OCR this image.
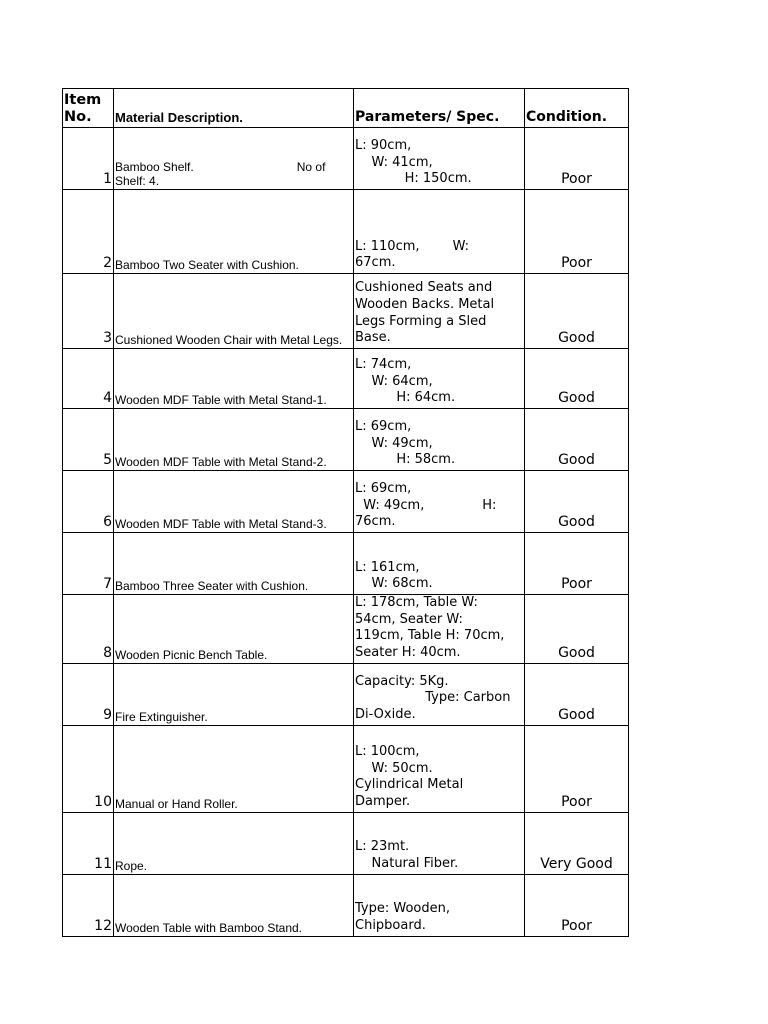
Item No.	Material Description.	Parameters/ Spec.	Condition.
1	Bamboo Shelf. No of Shelf: 4.	L: 90cm,
W: 41cm,
H: 150cm.	Poor
2	Bamboo Two Seater with Cushion.	L: 110cm,        W:
67cm.	Poor
3	Cushioned Wooden Chair with Metal Legs.	Cushioned Seats and
Wooden Backs. Metal
Legs Forming a Sled
Base.	Good
4	Wooden MDF Table with Metal Stand-1.	L: 74cm,
W: 64cm,
H: 64cm.	Good
5	Wooden MDF Table with Metal Stand-2.	L: 69cm,
W: 49cm,
H: 58cm.	Good
6	Wooden MDF Table with Metal Stand-3.	L: 69cm,
W: 49cm,              H:
76cm.	Good
7	Bamboo Three Seater with Cushion.	L: 161cm,
W: 68cm.	Poor
8	Wooden Picnic Bench Table.	L: 178cm, Table W:
54cm, Seater W:
119cm, Table H: 70cm,
Seater H: 40cm.	Good
9	Fire Extinguisher.	Capacity: 5Kg.
Type: Carbon
Di-Oxide.	Good
10	Manual or Hand Roller.	L: 100cm,
W: 50cm.
Cylindrical Metal
Damper.	Poor
11	Rope.	L: 23mt.
Natural Fiber.	Very Good
12	Wooden Table with Bamboo Stand.	Type: Wooden,
Chipboard.	Poor
